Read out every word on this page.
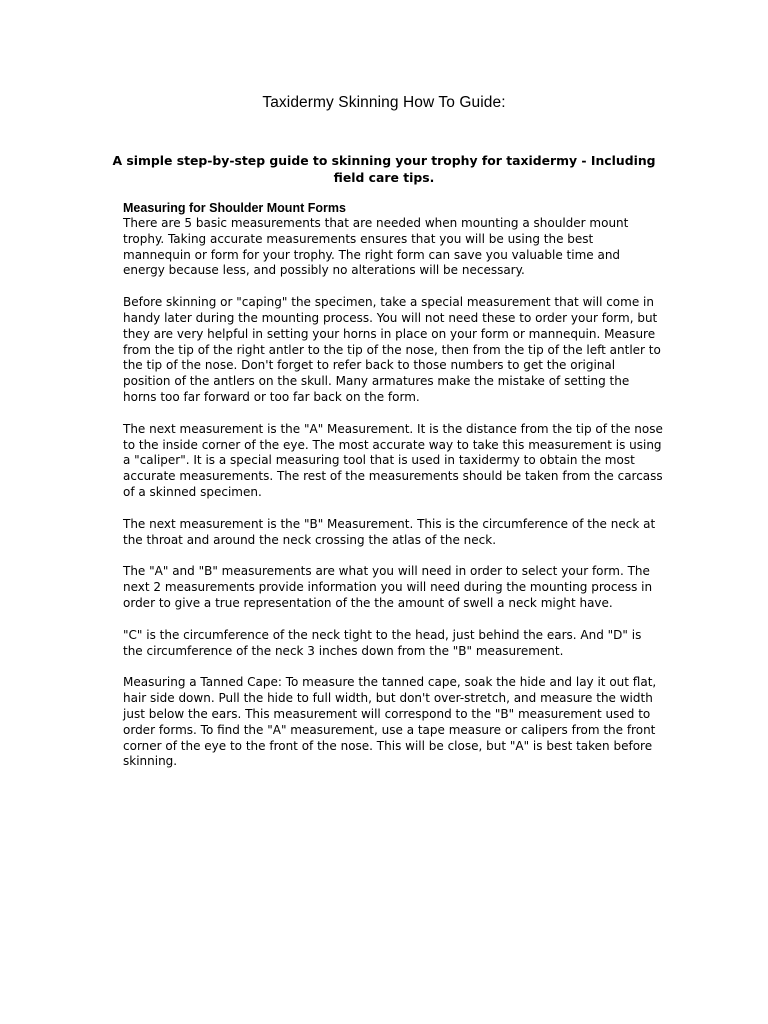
Taxidermy Skinning How To Guide:
A simple step-by-step guide to skinning your trophy for taxidermy - Including field care tips.

Measuring for Shoulder Mount Forms
There are 5 basic measurements that are needed when mounting a shoulder mount trophy. Taking accurate measurements ensures that you will be using the best mannequin or form for your trophy. The right form can save you valuable time and energy because less, and possibly no alterations will be necessary.

Before skinning or "caping" the specimen, take a special measurement that will come in handy later during the mounting process. You will not need these to order your form, but they are very helpful in setting your horns in place on your form or mannequin. Measure from the tip of the right antler to the tip of the nose, then from the tip of the left antler to the tip of the nose. Don't forget to refer back to those numbers to get the original position of the antlers on the skull. Many armatures make the mistake of setting the horns too far forward or too far back on the form.

The next measurement is the "A" Measurement. It is the distance from the tip of the nose to the inside corner of the eye. The most accurate way to take this measurement is using a "caliper". It is a special measuring tool that is used in taxidermy to obtain the most accurate measurements. The rest of the measurements should be taken from the carcass of a skinned specimen.

The next measurement is the "B" Measurement. This is the circumference of the neck at the throat and around the neck crossing the atlas of the neck.

The "A" and "B" measurements are what you will need in order to select your form. The next 2 measurements provide information you will need during the mounting process in order to give a true representation of the the amount of swell a neck might have.

"C" is the circumference of the neck tight to the head, just behind the ears. And "D" is the circumference of the neck 3 inches down from the "B" measurement.

Measuring a Tanned Cape: To measure the tanned cape, soak the hide and lay it out flat, hair side down. Pull the hide to full width, but don't over-stretch, and measure the width just below the ears. This measurement will correspond to the "B" measurement used to order forms. To find the "A" measurement, use a tape measure or calipers from the front corner of the eye to the front of the nose. This will be close, but "A" is best taken before skinning.
